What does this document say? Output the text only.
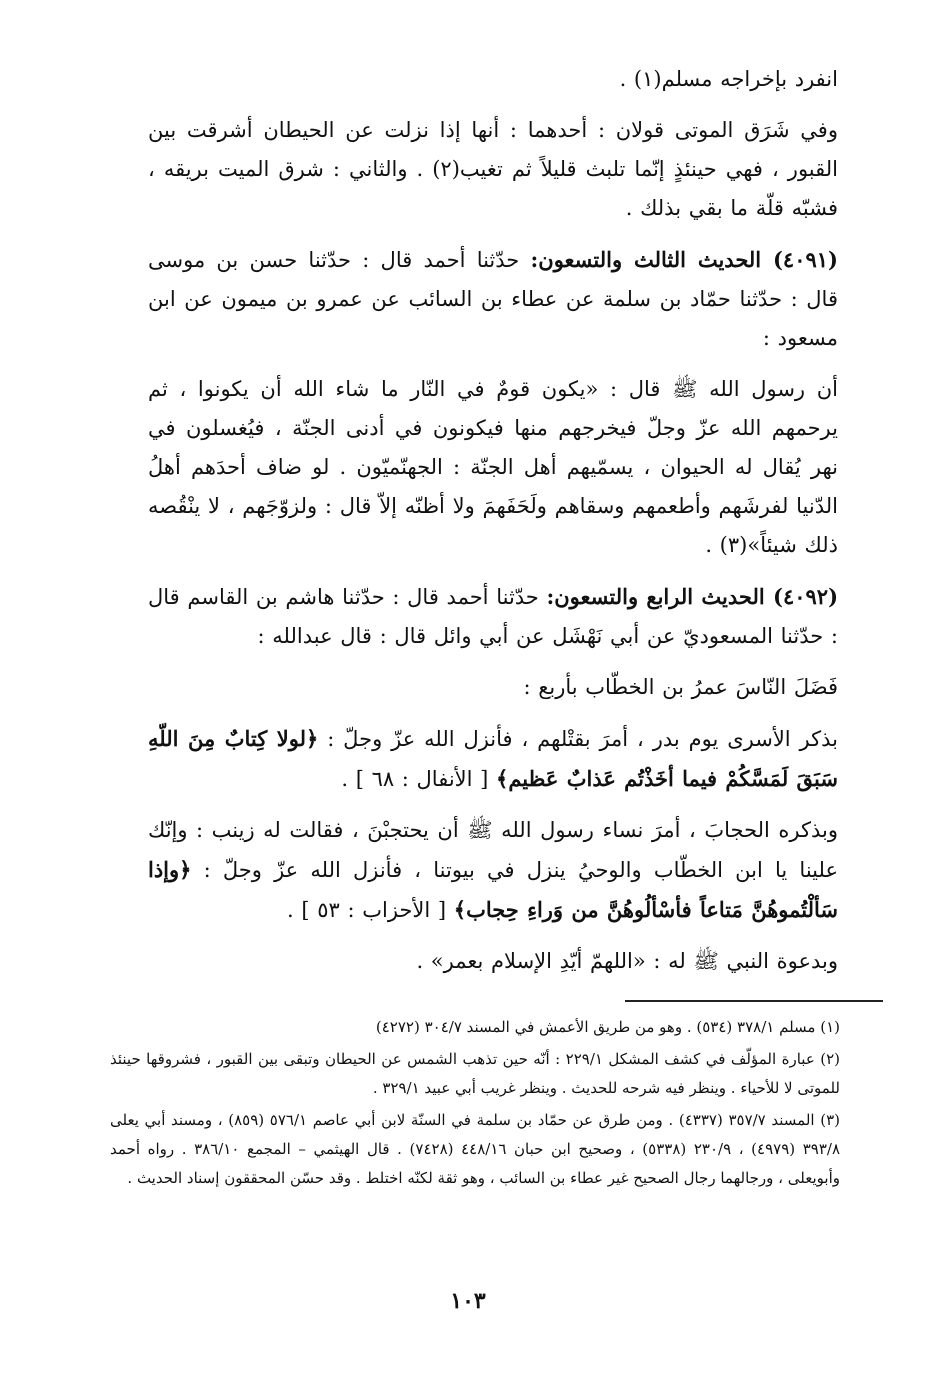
انفرد بإخراجه مسلم(١) .

وفي شَرَق الموتى قولان : أحدهما : أنها إذا نزلت عن الحيطان أشرقت بين القبور ، فهي حينئذٍ إنّما تلبث قليلاً ثم تغيب(٢) . والثاني : شرق الميت بريقه ، فشبّه قلّة ما بقي بذلك .

(٤٠٩١) الحديث الثالث والتسعون: حدّثنا أحمد قال : حدّثنا حسن بن موسى قال : حدّثنا حمّاد بن سلمة عن عطاء بن السائب عن عمرو بن ميمون عن ابن مسعود :

أن رسول الله ﷺ قال : «يكون قومٌ في النّار ما شاء الله أن يكونوا ، ثم يرحمهم الله عزّ وجلّ فيخرجهم منها فيكونون في أدنى الجنّة ، فيُغسلون في نهر يُقال له الحيوان ، يسمّيهم أهل الجنّة : الجهنّميّون . لو ضاف أحدَهم أهلُ الدّنيا لفرشَهم وأطعمهم وسقاهم ولَحَفَهمَ ولا أظنّه إلاّ قال : ولزوّجَهم ، لا ينْقُصه ذلك شيئاً»(٣) .

(٤٠٩٢) الحديث الرابع والتسعون: حدّثنا أحمد قال : حدّثنا هاشم بن القاسم قال : حدّثنا المسعوديّ عن أبي نَهْشَل عن أبي وائل قال : قال عبدالله :

فَضَلَ النّاسَ عمرُ بن الخطّاب بأربع :

بذكر الأسرى يوم بدر ، أمرَ بقتْلهم ، فأنزل الله عزّ وجلّ : ﴿لولا كِتابٌ مِنَ اللّهِ سَبَقَ لَمَسَّكُمْ فيما أخَذْتُم عَذابٌ عَظيم﴾ [ الأنفال : ٦٨ ] .

وبذكره الحجابَ ، أمرَ نساء رسول الله ﷺ أن يحتجبْنَ ، فقالت له زينب : وإنّك علينا يا ابن الخطّاب والوحيُ ينزل في بيوتنا ، فأنزل الله عزّ وجلّ : ﴿وإذا سَألْتُموهُنَّ مَتاعاً فأسْألُوهُنَّ من وَراءِ حِجاب﴾ [ الأحزاب : ٥٣ ] .

وبدعوة النبي ﷺ له : «اللهمّ أيّدِ الإسلام بعمر» .

(١) مسلم ٣٧٨/١ (٥٣٤) . وهو من طريق الأعمش في المسند ٣٠٤/٧ (٤٢٧٢)

(٢) عبارة المؤلّف في كشف المشكل ٢٢٩/١ : أنّه حين تذهب الشمس عن الحيطان وتبقى بين القبور ، فشروقها حينئذ للموتى لا للأحياء . وينظر فيه شرحه للحديث . وينظر غريب أبي عبيد ٣٢٩/١ .

(٣) المسند ٣٥٧/٧ (٤٣٣٧) . ومن طرق عن حمّاد بن سلمة في السنّة لابن أبي عاصم ٥٧٦/١ (٨٥٩) ، ومسند أبي يعلى ٣٩٣/٨ (٤٩٧٩) ، ٢٣٠/٩ (٥٣٣٨) ، وصحيح ابن حبان ٤٤٨/١٦ (٧٤٢٨) . قال الهيثمي – المجمع ٣٨٦/١٠ . رواه أحمد وأبويعلى ، ورجالهما رجال الصحيح غير عطاء بن السائب ، وهو ثقة لكنّه اختلط . وقد حسّن المحققون إسناد الحديث .

١٠٣
